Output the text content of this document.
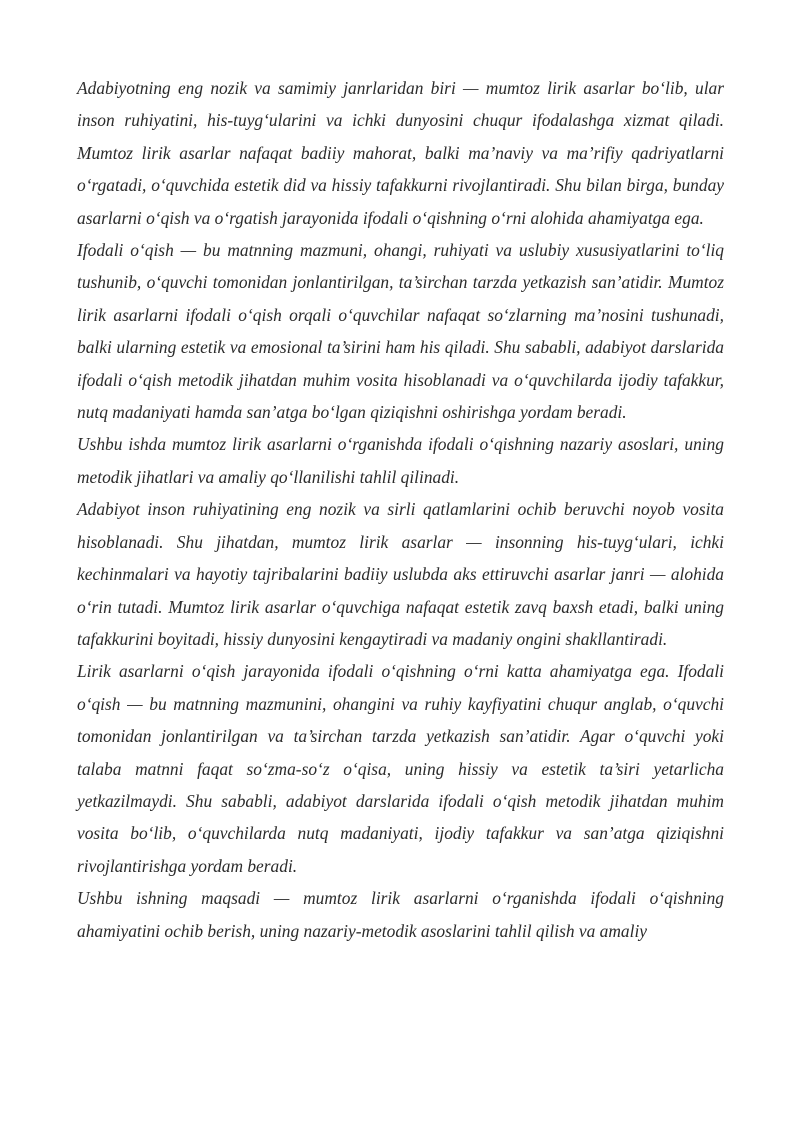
Adabiyotning eng nozik va samimiy janrlaridan biri — mumtoz lirik asarlar bo‘lib, ular inson ruhiyatini, his-tuyg‘ularini va ichki dunyosini chuqur ifodalashga xizmat qiladi. Mumtoz lirik asarlar nafaqat badiiy mahorat, balki ma’naviy va ma’rifiy qadriyatlarni o‘rgatadi, o‘quvchida estetik did va hissiy tafakkurni rivojlantiradi. Shu bilan birga, bunday asarlarni o‘qish va o‘rgatish jarayonida ifodali o‘qishning o‘rni alohida ahamiyatga ega.

Ifodali o‘qish — bu matnning mazmuni, ohangi, ruhiyati va uslubiy xususiyatlarini to‘liq tushunib, o‘quvchi tomonidan jonlantirilgan, ta’sirchan tarzda yetkazish san’atidir. Mumtoz lirik asarlarni ifodali o‘qish orqali o‘quvchilar nafaqat so‘zlarning ma’nosini tushunadi, balki ularning estetik va emosional ta’sirini ham his qiladi. Shu sababli, adabiyot darslarida ifodali o‘qish metodik jihatdan muhim vosita hisoblanadi va o‘quvchilarda ijodiy tafakkur, nutq madaniyati hamda san’atga bo‘lgan qiziqishni oshirishga yordam beradi.

Ushbu ishda mumtoz lirik asarlarni o‘rganishda ifodali o‘qishning nazariy asoslari, uning metodik jihatlari va amaliy qo‘llanilishi tahlil qilinadi.

Adabiyot inson ruhiyatining eng nozik va sirli qatlamlarini ochib beruvchi noyob vosita hisoblanadi. Shu jihatdan, mumtoz lirik asarlar — insonning his-tuyg‘ulari, ichki kechinmalari va hayotiy tajribalarini badiiy uslubda aks ettiruvchi asarlar janri — alohida o‘rin tutadi. Mumtoz lirik asarlar o‘quvchiga nafaqat estetik zavq baxsh etadi, balki uning tafakkurini boyitadi, hissiy dunyosini kengaytiradi va madaniy ongini shakllantiradi.

Lirik asarlarni o‘qish jarayonida ifodali o‘qishning o‘rni katta ahamiyatga ega. Ifodali o‘qish — bu matnning mazmunini, ohangini va ruhiy kayfiyatini chuqur anglab, o‘quvchi tomonidan jonlantirilgan va ta’sirchan tarzda yetkazish san’atidir. Agar o‘quvchi yoki talaba matnni faqat so‘zma-so‘z o‘qisa, uning hissiy va estetik ta’siri yetarlicha yetkazilmaydi. Shu sababli, adabiyot darslarida ifodali o‘qish metodik jihatdan muhim vosita bo‘lib, o‘quvchilarda nutq madaniyati, ijodiy tafakkur va san’atga qiziqishni rivojlantirishga yordam beradi.

Ushbu ishning maqsadi — mumtoz lirik asarlarni o‘rganishda ifodali o‘qishning ahamiyatini ochib berish, uning nazariy-metodik asoslarini tahlil qilish va amaliy
